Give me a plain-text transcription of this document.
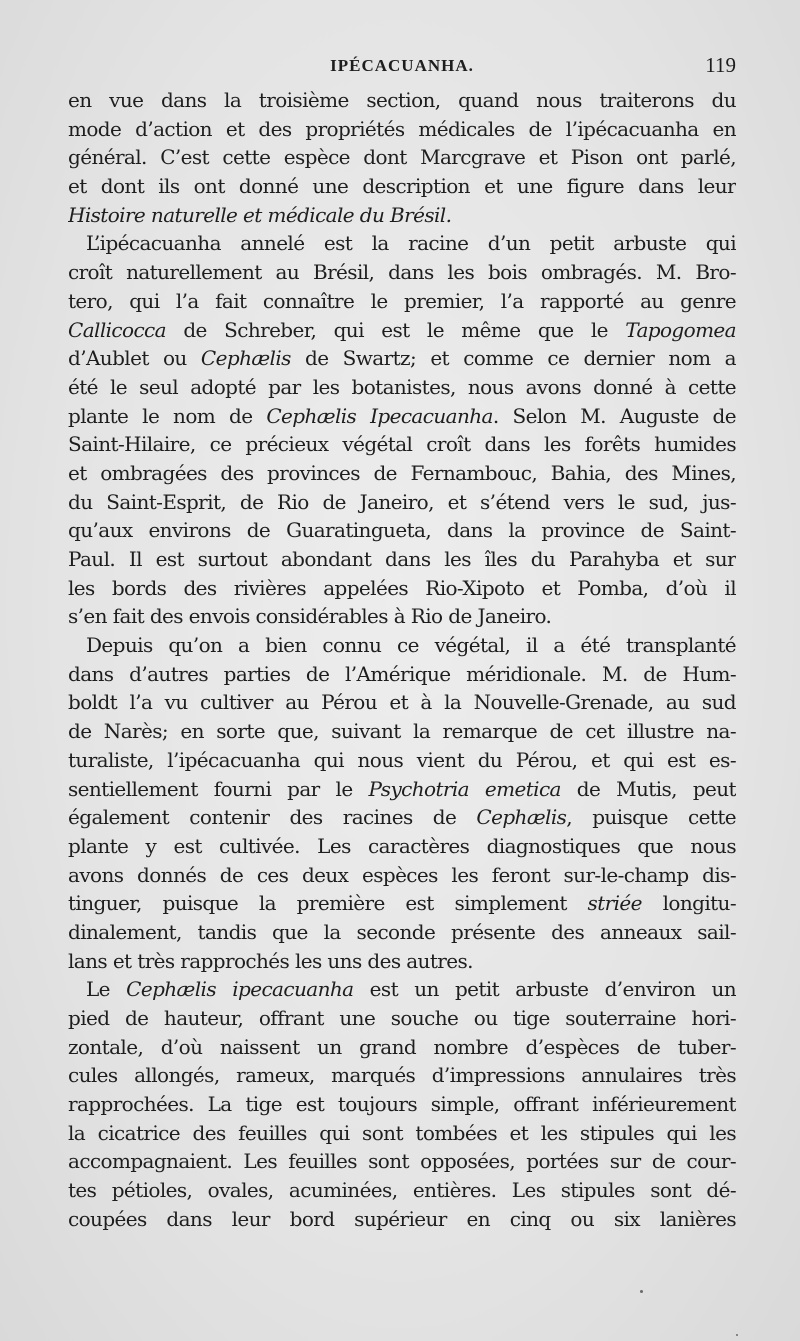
IPÉCACUANHA.	119
en vue dans la troisième section, quand nous traiterons du
mode d’action et des propriétés médicales de l’ipécacuanha en
général. C’est cette espèce dont Marcgrave et Pison ont parlé,
et dont ils ont donné une description et une figure dans leur
Histoire naturelle et médicale du Brésil.
L’ipécacuanha annelé est la racine d’un petit arbuste qui
croît naturellement au Brésil, dans les bois ombragés. M. Bro-
tero, qui l’a fait connaître le premier, l’a rapporté au genre
Callicocca de Schreber, qui est le même que le Tapogomea
d’Aublet ou Cephælis de Swartz; et comme ce dernier nom a
été le seul adopté par les botanistes, nous avons donné à cette
plante le nom de Cephælis Ipecacuanha. Selon M. Auguste de
Saint-Hilaire, ce précieux végétal croît dans les forêts humides
et ombragées des provinces de Fernambouc, Bahia, des Mines,
du Saint-Esprit, de Rio de Janeiro, et s’étend vers le sud, jus-
qu’aux environs de Guaratingueta, dans la province de Saint-
Paul. Il est surtout abondant dans les îles du Parahyba et sur
les bords des rivières appelées Rio-Xipoto et Pomba, d’où il
s’en fait des envois considérables à Rio de Janeiro.
Depuis qu’on a bien connu ce végétal, il a été transplanté
dans d’autres parties de l’Amérique méridionale. M. de Hum-
boldt l’a vu cultiver au Pérou et à la Nouvelle-Grenade, au sud
de Narès; en sorte que, suivant la remarque de cet illustre na-
turaliste, l’ipécacuanha qui nous vient du Pérou, et qui est es-
sentiellement fourni par le Psychotria emetica de Mutis, peut
également contenir des racines de Cephælis, puisque cette
plante y est cultivée. Les caractères diagnostiques que nous
avons donnés de ces deux espèces les feront sur-le-champ dis-
tinguer, puisque la première est simplement striée longitu-
dinalement, tandis que la seconde présente des anneaux sail-
lans et très rapprochés les uns des autres.
Le Cephælis ipecacuanha est un petit arbuste d’environ un
pied de hauteur, offrant une souche ou tige souterraine hori-
zontale, d’où naissent un grand nombre d’espèces de tuber-
cules allongés, rameux, marqués d’impressions annulaires très
rapprochées. La tige est toujours simple, offrant inférieurement
la cicatrice des feuilles qui sont tombées et les stipules qui les
accompagnaient. Les feuilles sont opposées, portées sur de cour-
tes pétioles, ovales, acuminées, entières. Les stipules sont dé-
coupées dans leur bord supérieur en cinq ou six lanières
